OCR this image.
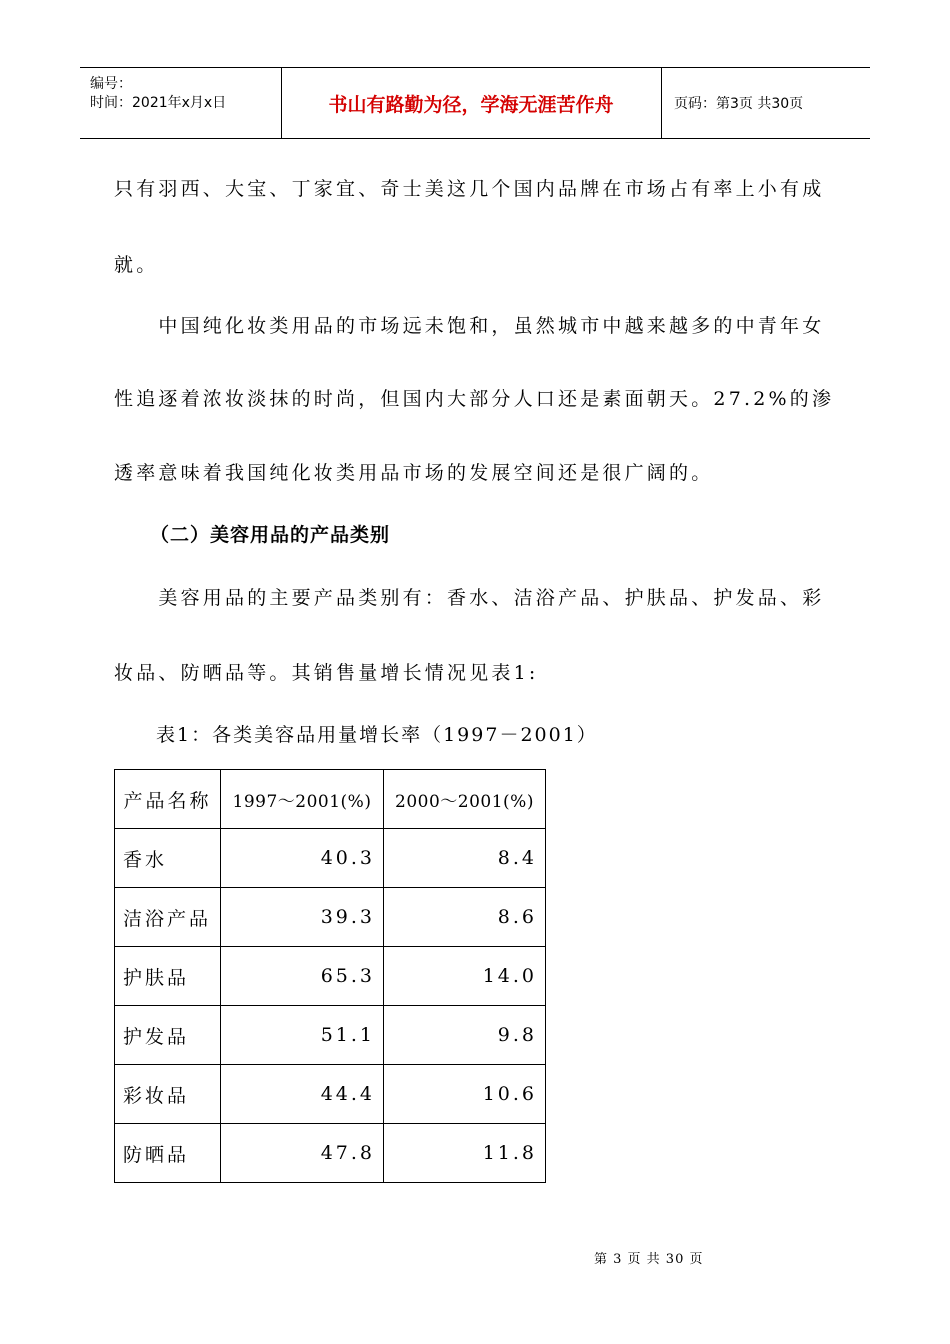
编号：
时间：2021年x月x日	书山有路勤为径，学海无涯苦作舟	页码：第3页 共30页
只有羽西、大宝、丁家宜、奇士美这几个国内品牌在市场占有率上小有成
就。
　　中国纯化妆类用品的市场远未饱和，虽然城市中越来越多的中青年女
性追逐着浓妆淡抹的时尚，但国内大部分人口还是素面朝天。27.2%的渗
透率意味着我国纯化妆类用品市场的发展空间还是很广阔的。
（二）美容用品的产品类别
　　美容用品的主要产品类别有：香水、洁浴产品、护肤品、护发品、彩
妆品、防晒品等。其销售量增长情况见表1:
　　表1：各类美容品用量增长率（1997－2001）
产品名称	1997～2001(%)	2000～2001(%)
香水	40.3	8.4
洁浴产品	39.3	8.6
护肤品	65.3	14.0
护发品	51.1	9.8
彩妆品	44.4	10.6
防晒品	47.8	11.8
第 3 页 共 30 页
